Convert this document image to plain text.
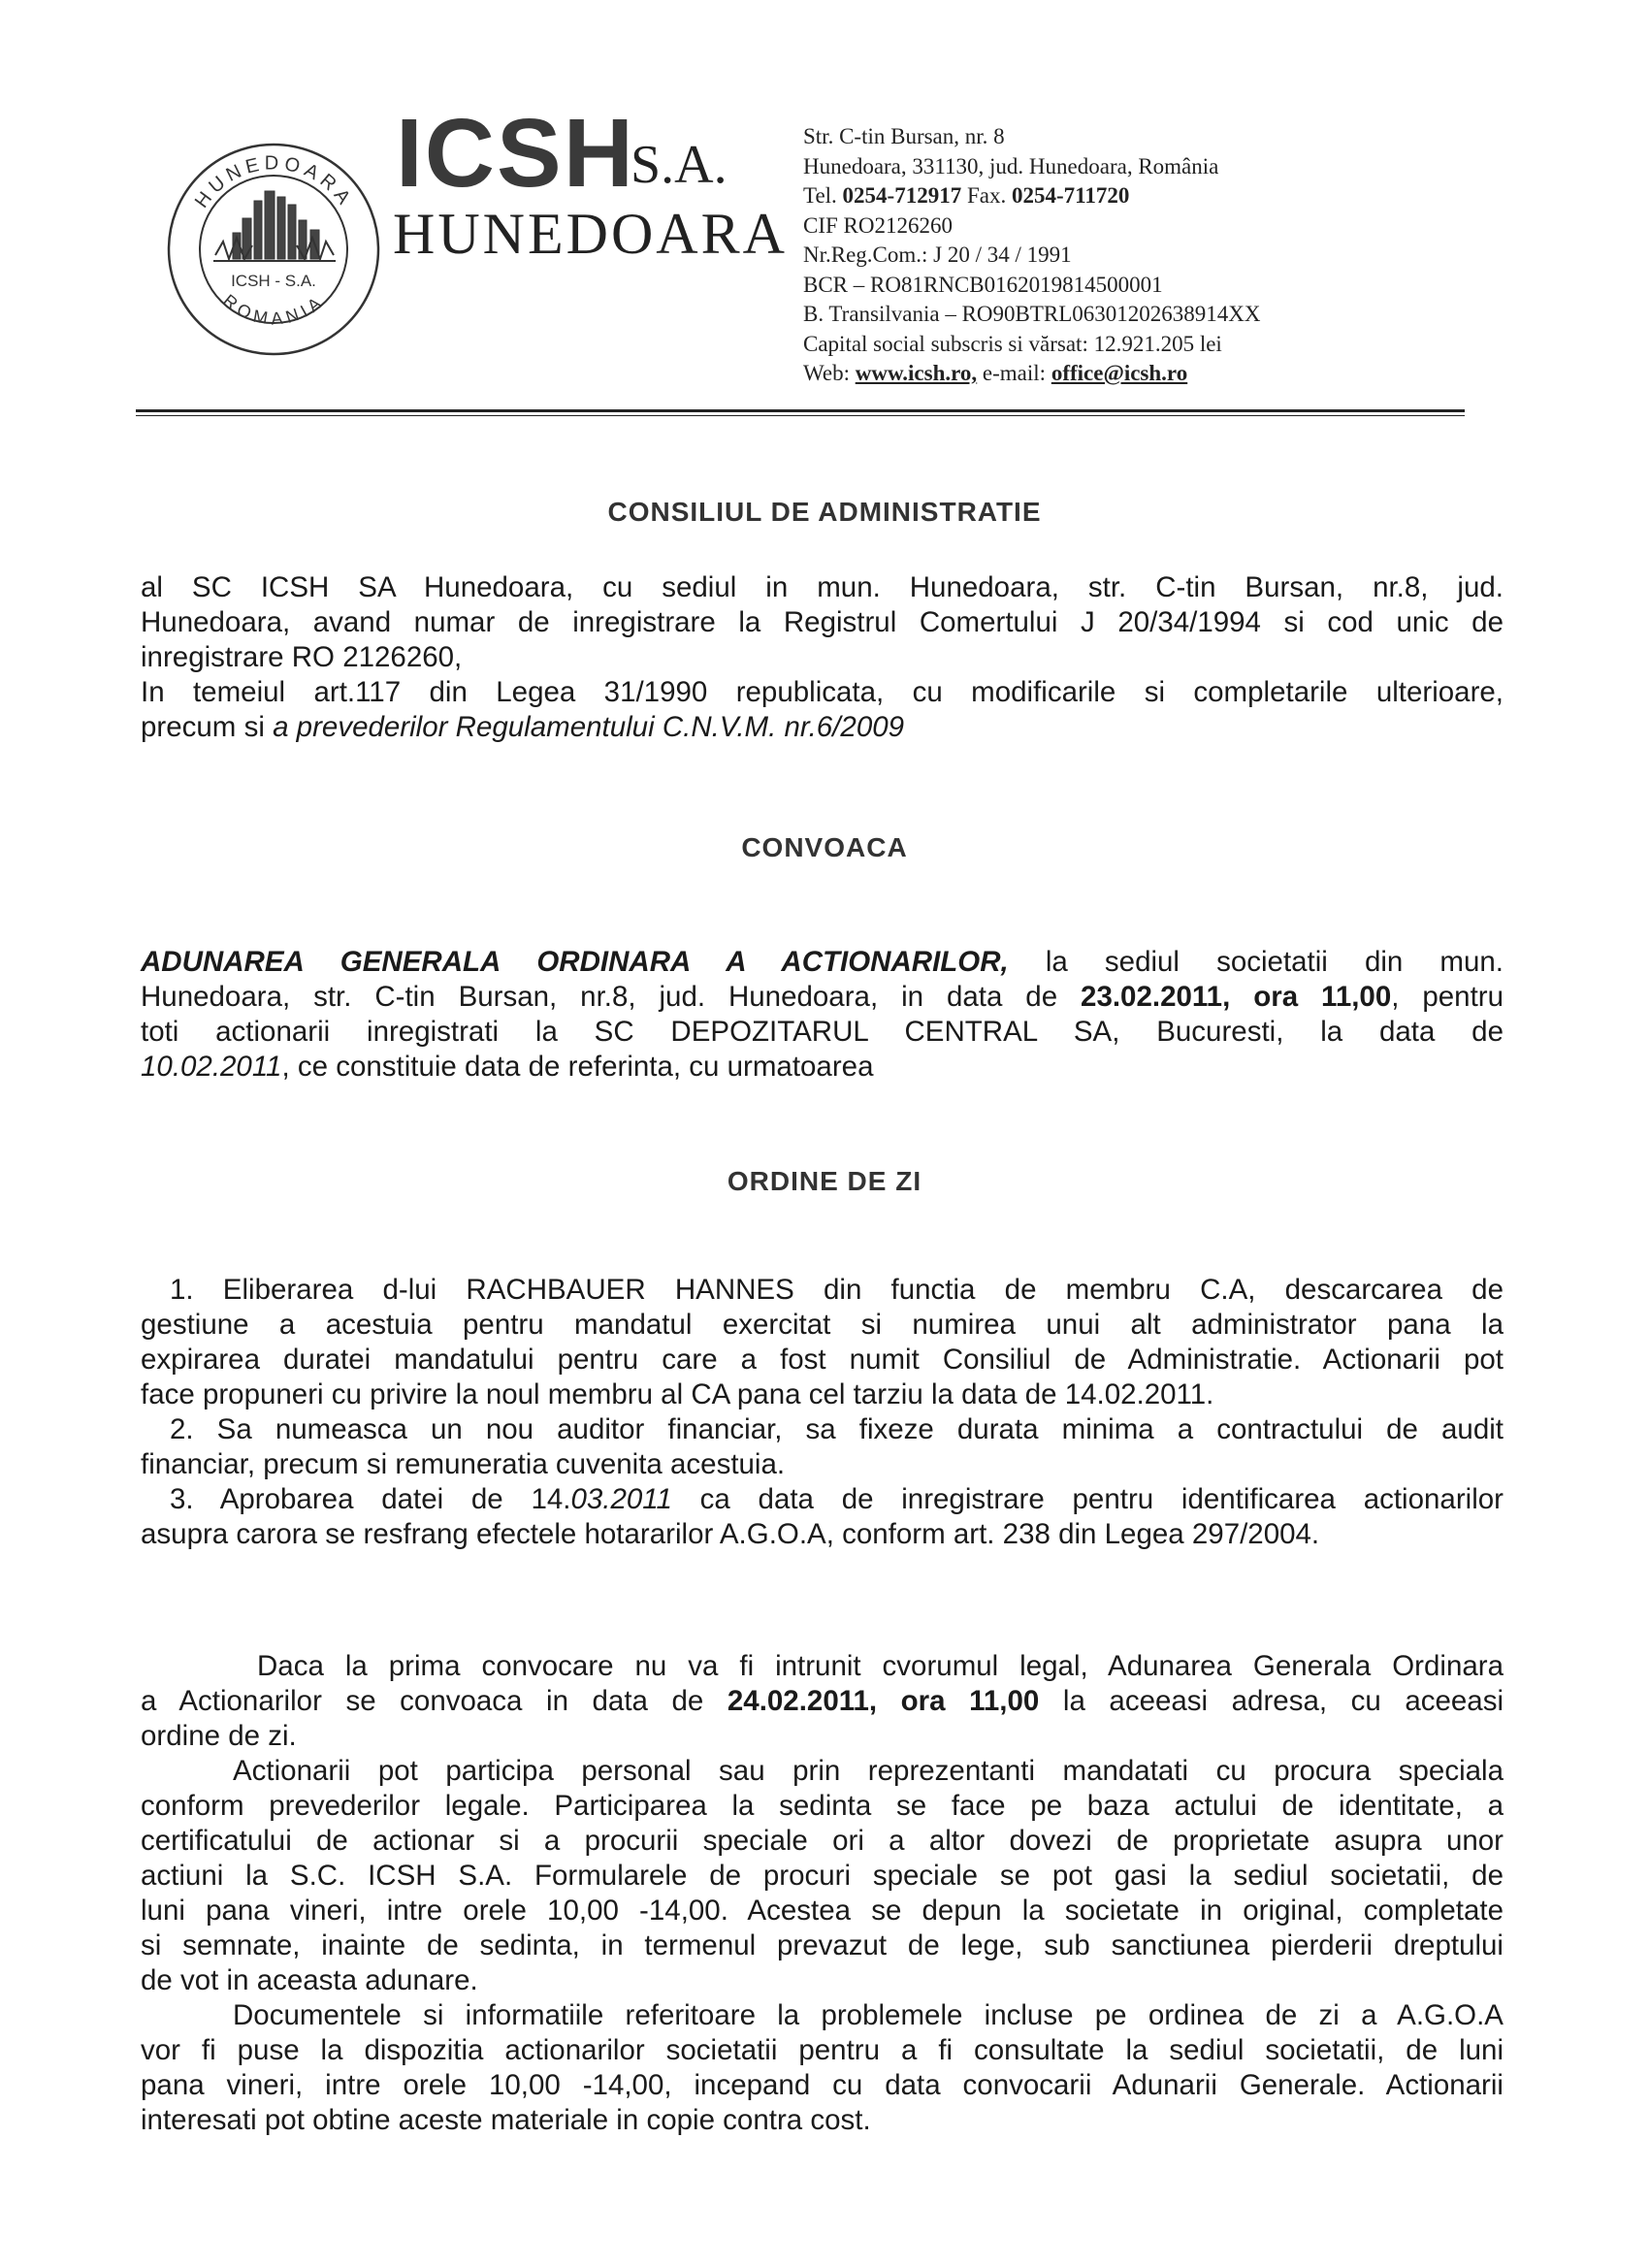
HUNEDOARA
ROMANIA
ICSH - S.A.
ICSH
S.A.
HUNEDOARA
Str. C-tin Bursan, nr. 8
Hunedoara, 331130, jud. Hunedoara, România
Tel. 0254-712917 Fax. 0254-711720
CIF RO2126260
Nr.Reg.Com.: J 20 / 34 / 1991
BCR – RO81RNCB0162019814500001
B. Transilvania – RO90BTRL06301202638914XX
Capital social subscris si vărsat: 12.921.205 lei
Web: www.icsh.ro, e-mail: office@icsh.ro
CONSILIUL DE ADMINISTRATIE
al SC ICSH SA Hunedoara, cu sediul in mun. Hunedoara, str. C-tin Bursan, nr.8, jud.
Hunedoara, avand numar de inregistrare la Registrul Comertului J 20/34/1994 si cod unic de
inregistrare RO 2126260,
In temeiul art.117 din Legea 31/1990 republicata, cu modificarile si completarile ulterioare,
precum si a prevederilor Regulamentului C.N.V.M. nr.6/2009
CONVOACA
ADUNAREA GENERALA ORDINARA A ACTIONARILOR, la sediul societatii din mun.
Hunedoara, str. C-tin Bursan, nr.8, jud. Hunedoara, in data de 23.02.2011, ora 11,00, pentru
toti actionarii inregistrati la SC DEPOZITARUL CENTRAL SA, Bucuresti, la data de
10.02.2011, ce constituie data de referinta, cu urmatoarea
ORDINE DE ZI
1. Eliberarea d-lui RACHBAUER HANNES din functia de membru C.A, descarcarea de
gestiune a acestuia pentru mandatul exercitat si numirea unui alt administrator pana la
expirarea duratei mandatului pentru care a fost numit Consiliul de Administratie. Actionarii pot
face propuneri cu privire la noul membru al CA pana cel tarziu la data de 14.02.2011.
2. Sa numeasca un nou auditor financiar, sa fixeze durata minima a contractului de audit
financiar, precum si remuneratia cuvenita acestuia.
3. Aprobarea datei de 14.03.2011 ca data de inregistrare pentru identificarea actionarilor
asupra carora se resfrang efectele hotararilor A.G.O.A, conform art. 238 din Legea 297/2004.
Daca la prima convocare nu va fi intrunit cvorumul legal, Adunarea Generala Ordinara
a Actionarilor se convoaca in data de 24.02.2011, ora 11,00 la aceeasi adresa, cu aceeasi
ordine de zi.
Actionarii pot participa personal sau prin reprezentanti mandatati cu procura speciala
conform prevederilor legale. Participarea la sedinta se face pe baza actului de identitate, a
certificatului de actionar si a procurii speciale ori a altor dovezi de proprietate asupra unor
actiuni la S.C. ICSH S.A. Formularele de procuri speciale se pot gasi la sediul societatii, de
luni pana vineri, intre orele 10,00 -14,00. Acestea se depun la societate in original, completate
si semnate, inainte de sedinta, in termenul prevazut de lege, sub sanctiunea pierderii dreptului
de vot in aceasta adunare.
Documentele si informatiile referitoare la problemele incluse pe ordinea de zi a A.G.O.A
vor fi puse la dispozitia actionarilor societatii pentru a fi consultate la sediul societatii, de luni
pana vineri, intre orele 10,00 -14,00, incepand cu data convocarii Adunarii Generale. Actionarii
interesati pot obtine aceste materiale in copie contra cost.
